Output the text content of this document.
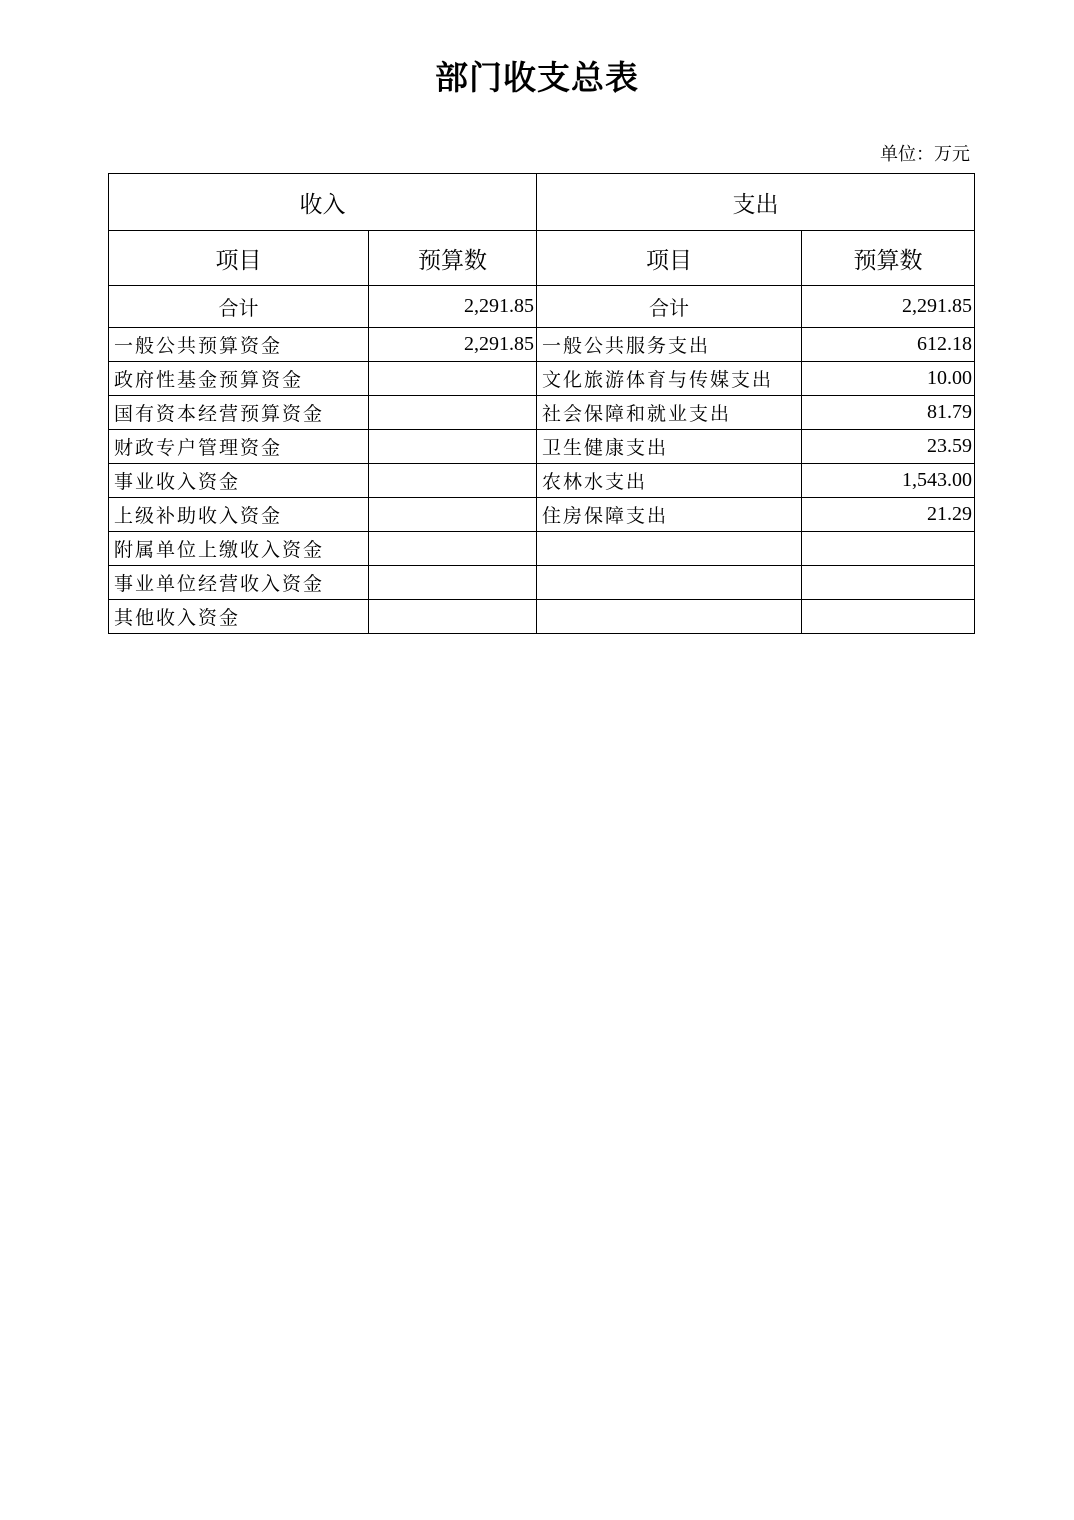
部门收支总表
单位：万元
收入		支出	
项目	预算数	项目	预算数
合计	2,291.85	合计	2,291.85
一般公共预算资金	2,291.85	一般公共服务支出	612.18
政府性基金预算资金		文化旅游体育与传媒支出	10.00
国有资本经营预算资金		社会保障和就业支出	81.79
财政专户管理资金		卫生健康支出	23.59
事业收入资金		农林水支出	1,543.00
上级补助收入资金		住房保障支出	21.29
附属单位上缴收入资金			
事业单位经营收入资金			
其他收入资金			
